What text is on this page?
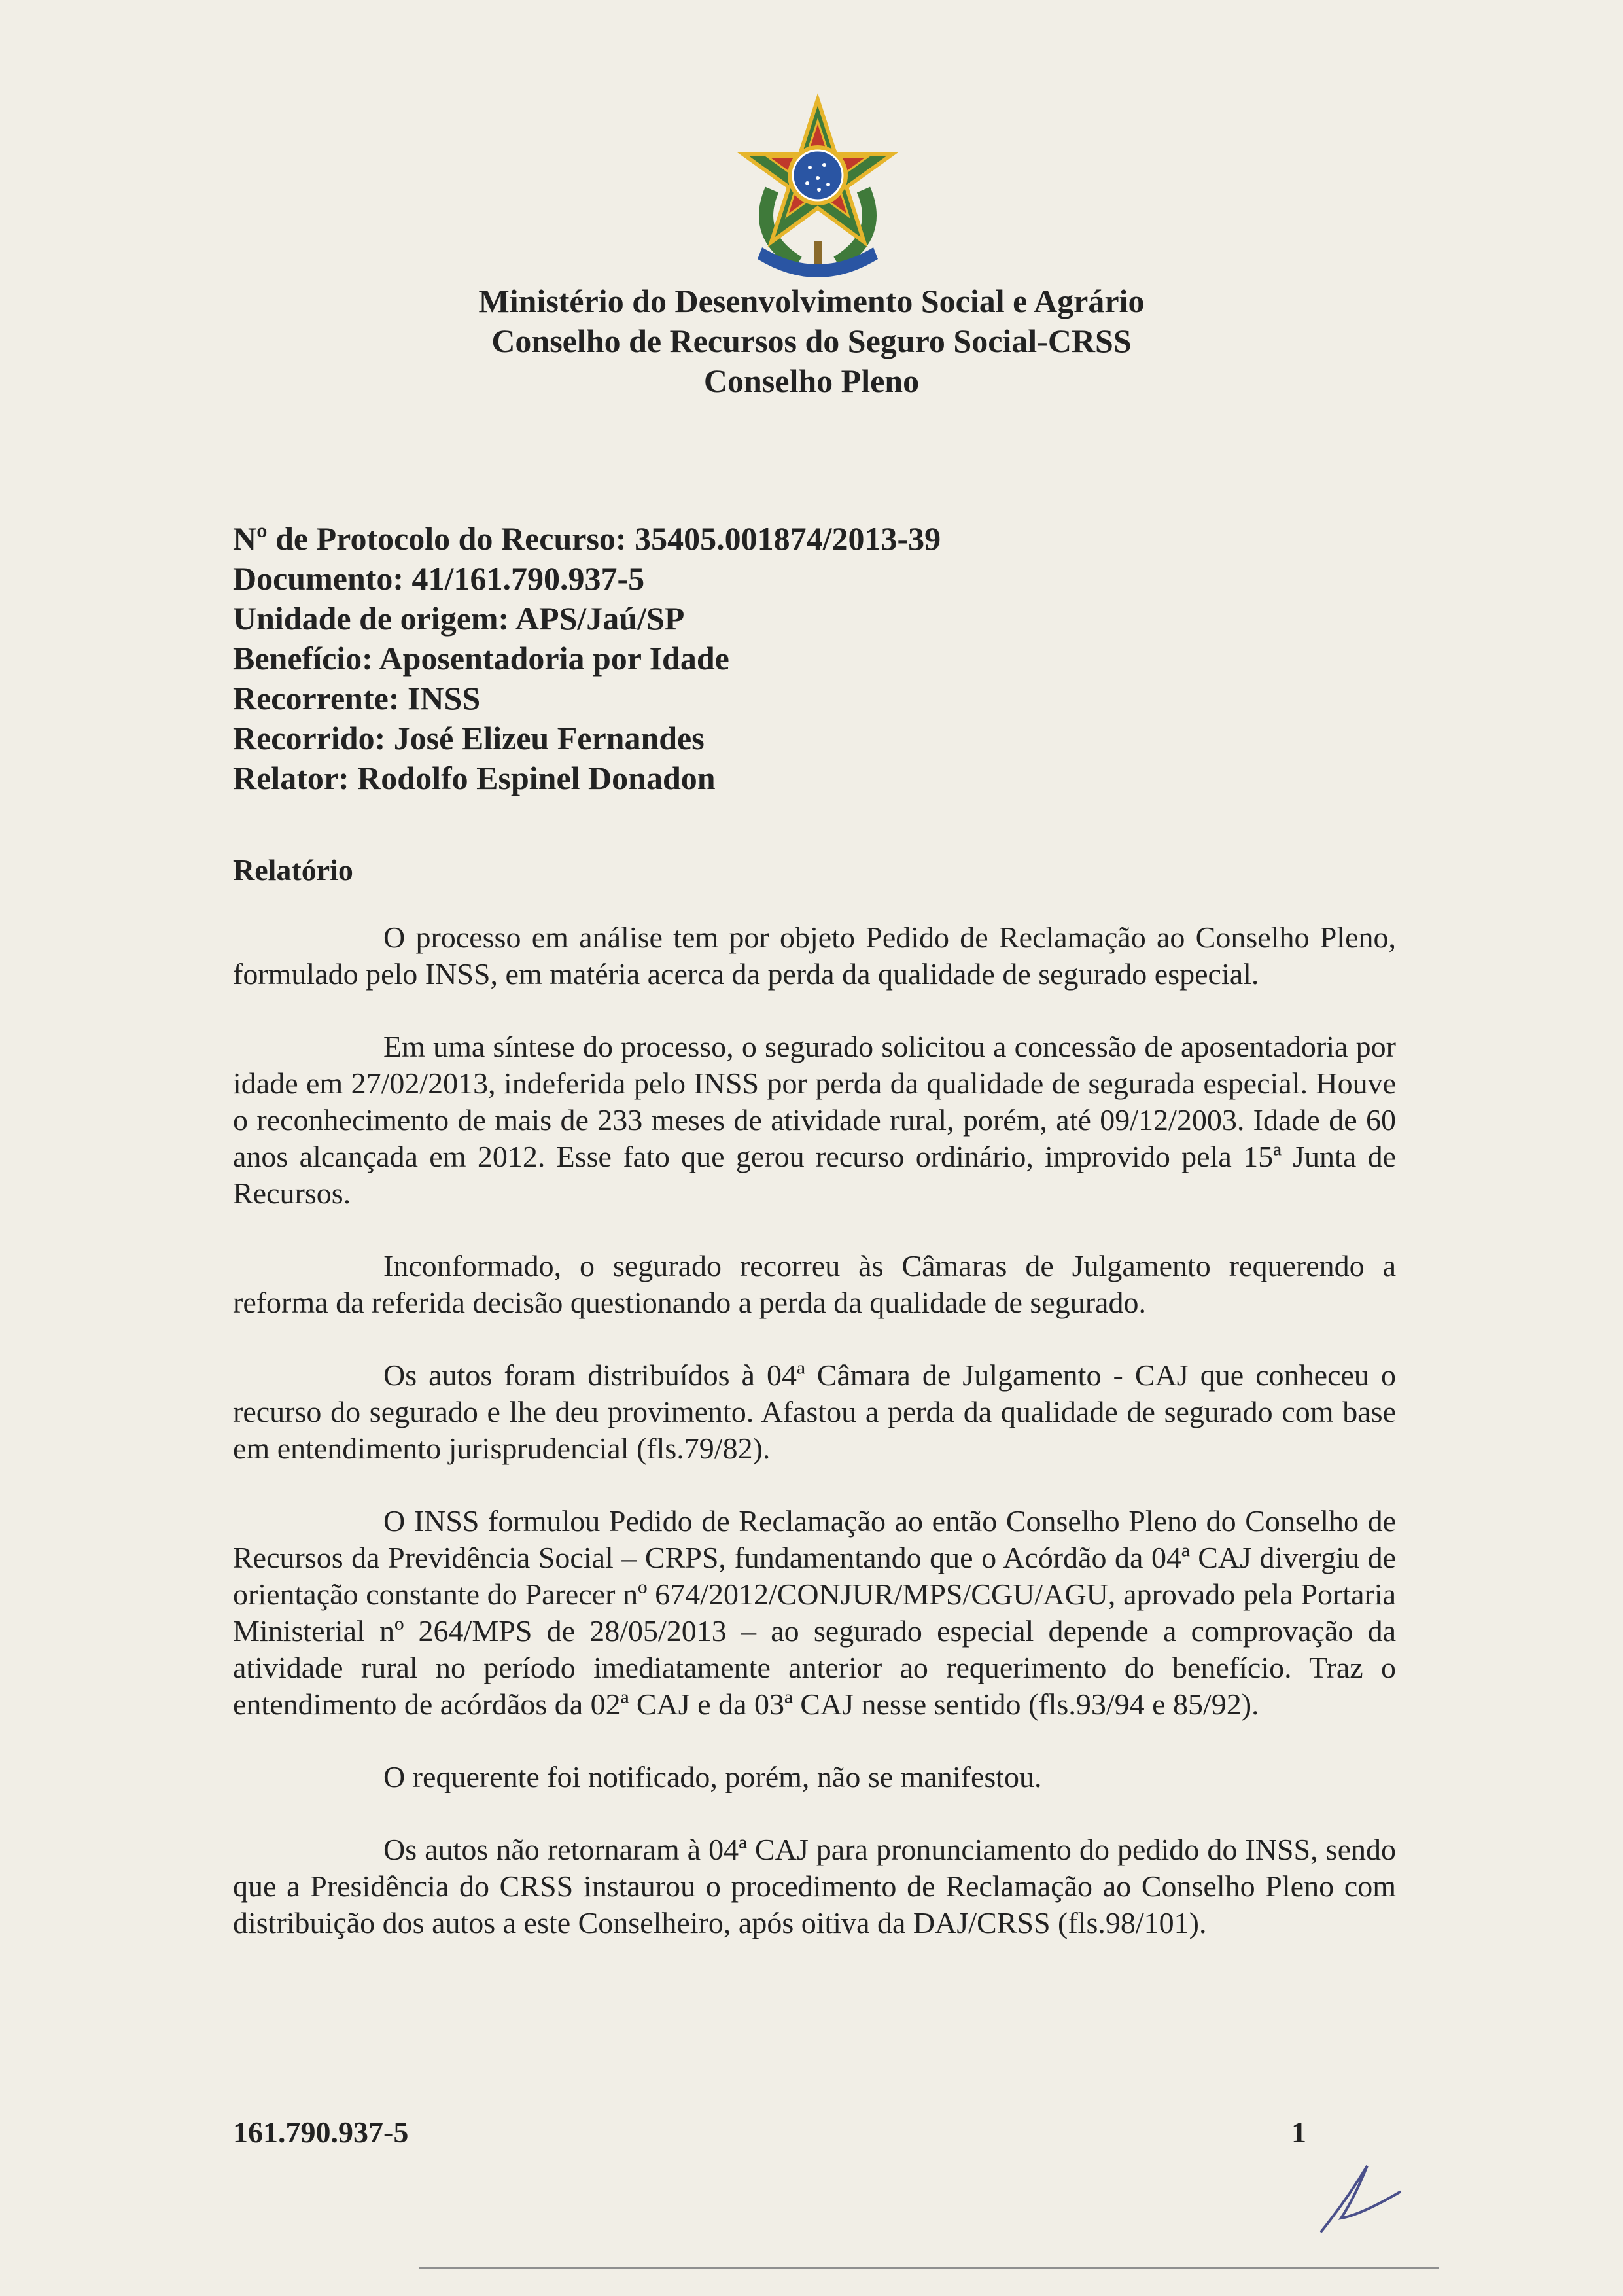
Ministério do Desenvolvimento Social e Agrário
Conselho de Recursos do Seguro Social-CRSS
Conselho Pleno
Nº de Protocolo do Recurso: 35405.001874/2013-39
Documento: 41/161.790.937-5
Unidade de origem: APS/Jaú/SP
Benefício: Aposentadoria por Idade
Recorrente: INSS
Recorrido: José Elizeu Fernandes
Relator: Rodolfo Espinel Donadon
Relatório

O processo em análise tem por objeto Pedido de Reclamação ao Conselho Pleno, formulado pelo INSS, em matéria acerca da perda da qualidade de segurado especial.

Em uma síntese do processo, o segurado solicitou a concessão de aposentadoria por idade em 27/02/2013, indeferida pelo INSS por perda da qualidade de segurada especial. Houve o reconhecimento de mais de 233 meses de atividade rural, porém, até 09/12/2003. Idade de 60 anos alcançada em 2012. Esse fato que gerou recurso ordinário, improvido pela 15ª Junta de Recursos.

Inconformado, o segurado recorreu às Câmaras de Julgamento requerendo a reforma da referida decisão questionando a perda da qualidade de segurado.

Os autos foram distribuídos à 04ª Câmara de Julgamento - CAJ que conheceu o recurso do segurado e lhe deu provimento. Afastou a perda da qualidade de segurado com base em entendimento jurisprudencial (fls.79/82).

O INSS formulou Pedido de Reclamação ao então Conselho Pleno do Conselho de Recursos da Previdência Social – CRPS, fundamentando que o Acórdão da 04ª CAJ divergiu de orientação constante do Parecer nº 674/2012/CONJUR/MPS/CGU/AGU, aprovado pela Portaria Ministerial nº 264/MPS de 28/05/2013 – ao segurado especial depende a comprovação da atividade rural no período imediatamente anterior ao requerimento do benefício. Traz o entendimento de acórdãos da 02ª CAJ e da 03ª CAJ nesse sentido (fls.93/94 e 85/92).

O requerente foi notificado, porém, não se manifestou.

Os autos não retornaram à 04ª CAJ para pronunciamento do pedido do INSS, sendo que a Presidência do CRSS instaurou o procedimento de Reclamação ao Conselho Pleno com distribuição dos autos a este Conselheiro, após oitiva da DAJ/CRSS (fls.98/101).

161.790.937-5	1
